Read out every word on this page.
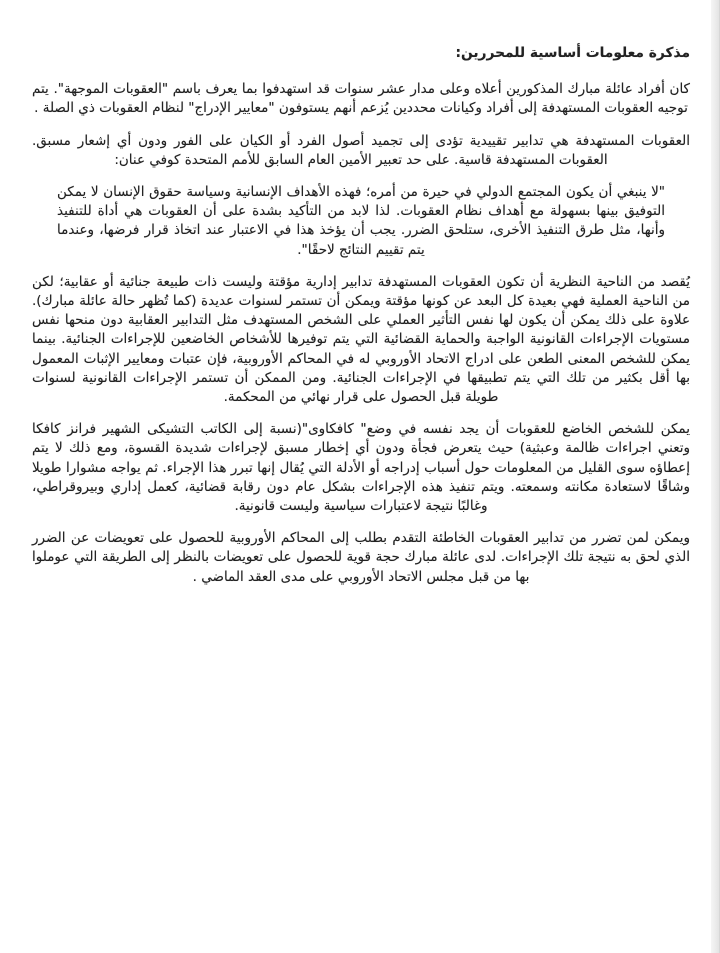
مذكرة معلومات أساسية للمحررين:

كان أفراد عائلة مبارك المذكورين أعلاه وعلى مدار عشر سنوات قد استهدفوا بما يعرف باسم "العقوبات الموجهة". يتم توجيه العقوبات المستهدفة إلى أفراد وكيانات محددين يُزعم أنهم يستوفون "معايير الإدراج" لنظام العقوبات ذي الصلة .

العقوبات المستهدفة هي تدابير تقييدية تؤدى إلى تجميد أصول الفرد أو الكيان على الفور ودون أي إشعار مسبق. العقوبات المستهدفة قاسية. على حد تعبير الأمين العام السابق للأمم المتحدة كوفي عنان:

"لا ينبغي أن يكون المجتمع الدولي في حيرة من أمره؛ فهذه الأهداف الإنسانية وسياسة حقوق الإنسان لا يمكن التوفيق بينها بسهولة مع أهداف نظام العقوبات. لذا لابد من التأكيد بشدة على أن العقوبات هي أداة للتنفيذ وأنها، مثل طرق التنفيذ الأخرى، ستلحق الضرر. يجب أن يؤخذ هذا في الاعتبار عند اتخاذ قرار فرضها، وعندما يتم تقييم النتائج لاحقًا".

يُقصد من الناحية النظرية أن تكون العقوبات المستهدفة تدابير إدارية مؤقتة وليست ذات طبيعة جنائية أو عقابية؛ لكن من الناحية العملية فهي بعيدة كل البعد عن كونها مؤقتة ويمكن أن تستمر لسنوات عديدة (كما تُظهر حالة عائلة مبارك). علاوة على ذلك يمكن أن يكون لها نفس التأثير العملي على الشخص المستهدف مثل التدابير العقابية دون منحها نفس مستويات الإجراءات القانونية الواجبة والحماية القضائية التي يتم توفيرها للأشخاص الخاضعين للإجراءات الجنائية. بينما يمكن للشخص المعنى الطعن على ادراج الاتحاد الأوروبي له في المحاكم الأوروبية، فإن عتبات ومعايير الإثبات المعمول بها أقل بكثير من تلك التي يتم تطبيقها في الإجراءات الجنائية. ومن الممكن أن تستمر الإجراءات القانونية لسنوات طويلة قبل الحصول على قرار نهائي من المحكمة.

يمكن للشخص الخاضع للعقوبات أن يجد نفسه في وضع" كافكاوى"(نسبة إلى الكاتب التشيكى الشهير فرانز كافكا وتعني اجراءات ظالمة وعبثية) حيث يتعرض فجأة ودون أي إخطار مسبق لإجراءات شديدة القسوة، ومع ذلك لا يتم إعطاؤه سوى القليل من المعلومات حول أسباب إدراجه أو الأدلة التي يُقال إنها تبرر هذا الإجراء. ثم يواجه مشوارا طويلا وشاقًا لاستعادة مكانته وسمعته. ويتم تنفيذ هذه الإجراءات بشكل عام دون رقابة قضائية، كعمل إداري وبيروقراطي، وغالبًا نتيجة لاعتبارات سياسية وليست قانونية.

ويمكن لمن تضرر من تدابير العقوبات الخاطئة التقدم بطلب إلى المحاكم الأوروبية للحصول على تعويضات عن الضرر الذي لحق به نتيجة تلك الإجراءات. لدى عائلة مبارك حجة قوية للحصول على تعويضات بالنظر إلى الطريقة التي عوملوا بها من قبل مجلس الاتحاد الأوروبي على مدى العقد الماضي .
